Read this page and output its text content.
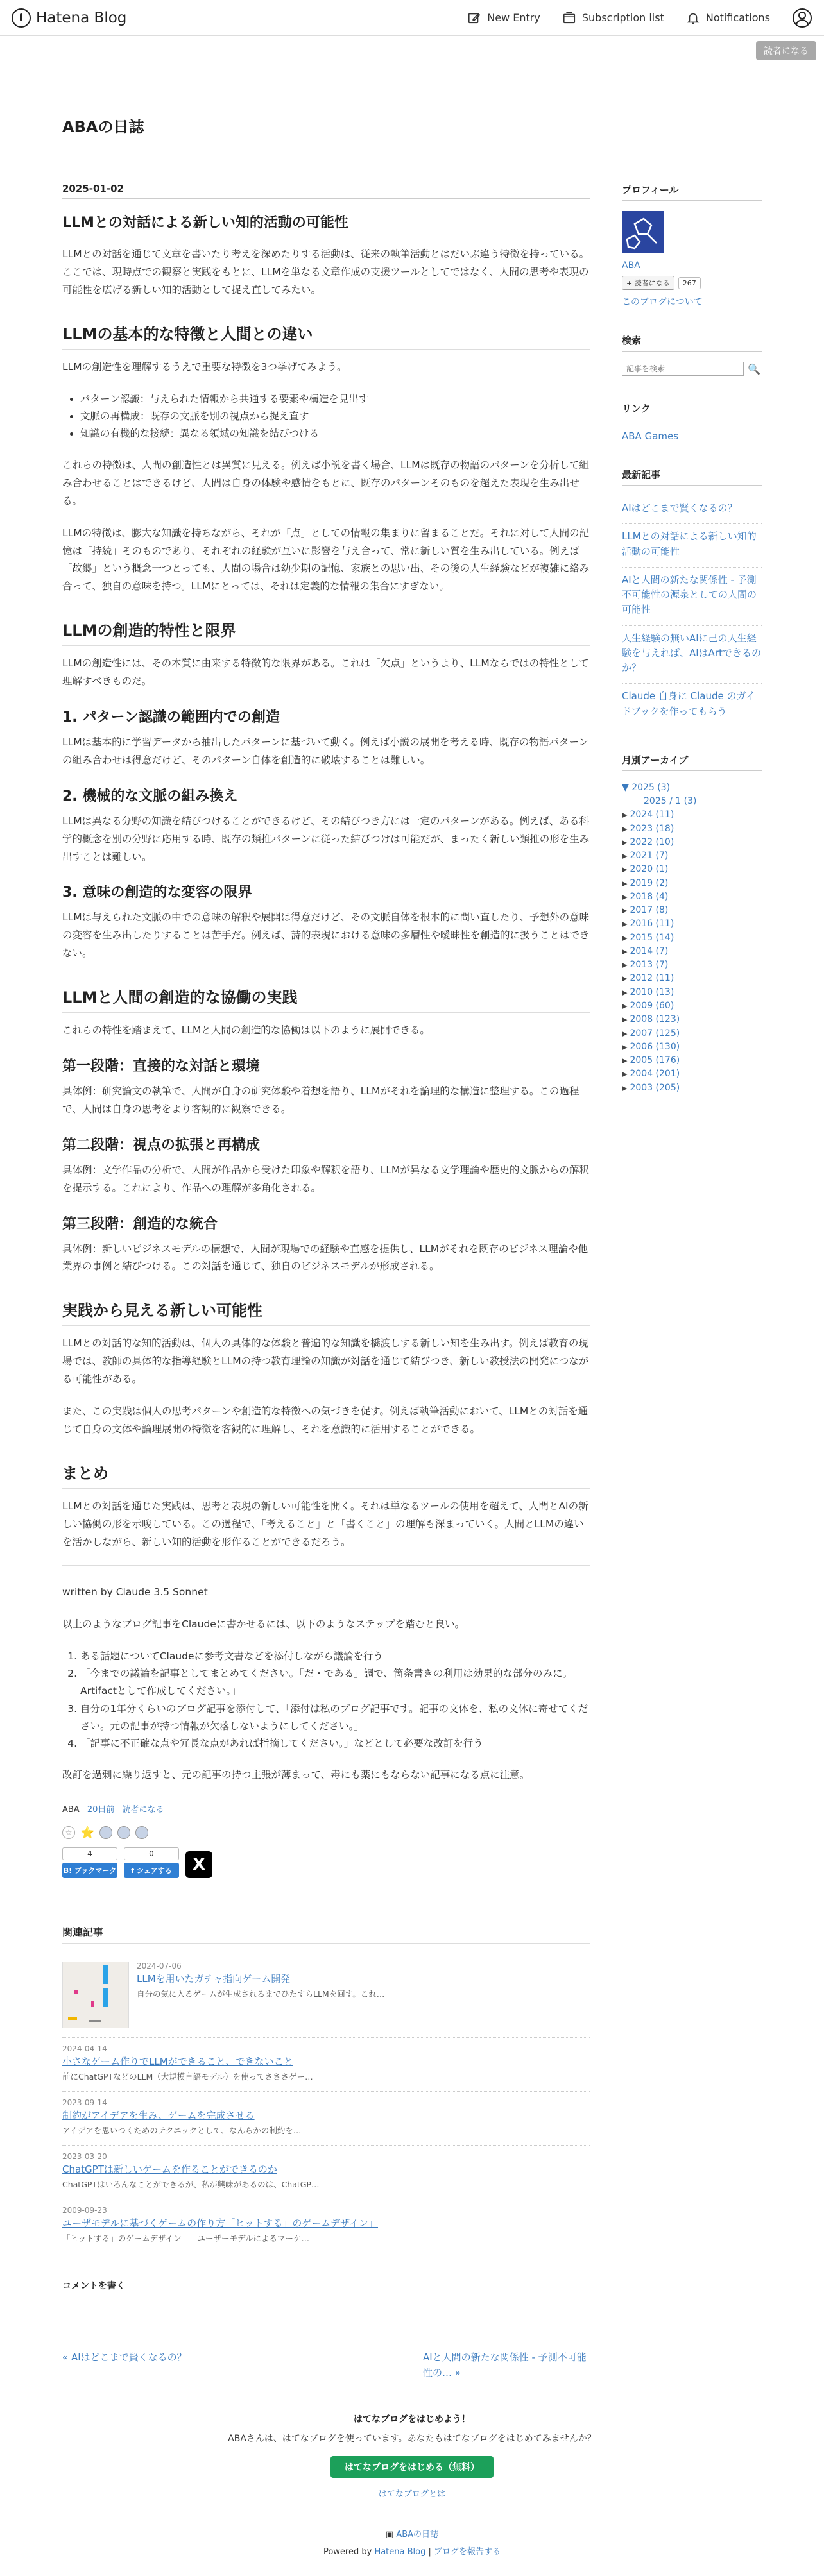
Hatena Blog	New Entry	Subscription list	Notifications
読者になる
ABAの日誌
2025-01-02
LLMとの対話による新しい知的活動の可能性

LLMとの対話を通じて文章を書いたり考えを深めたりする活動は、従来の執筆活動とはだいぶ違う特徴を持っている。ここでは、現時点での観察と実践をもとに、LLMを単なる文章作成の支援ツールとしてではなく、人間の思考や表現の可能性を広げる新しい知的活動として捉え直してみたい。

LLMの基本的な特徴と人間との違い

LLMの創造性を理解するうえで重要な特徴を3つ挙げてみよう。

• パターン認識：与えられた情報から共通する要素や構造を見出す
• 文脈の再構成：既存の文脈を別の視点から捉え直す
• 知識の有機的な接続：異なる領域の知識を結びつける

これらの特徴は、人間の創造性とは異質に見える。例えば小説を書く場合、LLMは既存の物語のパターンを分析して組み合わせることはできるけど、人間は自身の体験や感情をもとに、既存のパターンそのものを超えた表現を生み出せる。

LLMの特徴は、膨大な知識を持ちながら、それが「点」としての情報の集まりに留まることだ。それに対して人間の記憶は「持続」そのものであり、それぞれの経験が互いに影響を与え合って、常に新しい質を生み出している。例えば「故郷」という概念一つとっても、人間の場合は幼少期の記憶、家族との思い出、その後の人生経験などが複雑に絡み合って、独自の意味を持つ。LLMにとっては、それは定義的な情報の集合にすぎない。

LLMの創造的特性と限界

LLMの創造性には、その本質に由来する特徴的な限界がある。これは「欠点」というより、LLMならではの特性として理解すべきものだ。

1. パターン認識の範囲内での創造

LLMは基本的に学習データから抽出したパターンに基づいて動く。例えば小説の展開を考える時、既存の物語パターンの組み合わせは得意だけど、そのパターン自体を創造的に破壊することは難しい。

2. 機械的な文脈の組み換え

LLMは異なる分野の知識を結びつけることができるけど、その結びつき方には一定のパターンがある。例えば、ある科学的概念を別の分野に応用する時、既存の類推パターンに従った結びつけは可能だが、まったく新しい類推の形を生み出すことは難しい。

3. 意味の創造的な変容の限界

LLMは与えられた文脈の中での意味の解釈や展開は得意だけど、その文脈自体を根本的に問い直したり、予想外の意味の変容を生み出したりすることは苦手だ。例えば、詩的表現における意味の多層性や曖昧性を創造的に扱うことはできない。

LLMと人間の創造的な協働の実践

これらの特性を踏まえて、LLMと人間の創造的な協働は以下のように展開できる。

第一段階：直接的な対話と環境

具体例：研究論文の執筆で、人間が自身の研究体験や着想を語り、LLMがそれを論理的な構造に整理する。この過程で、人間は自身の思考をより客観的に観察できる。

第二段階：視点の拡張と再構成

具体例：文学作品の分析で、人間が作品から受けた印象や解釈を語り、LLMが異なる文学理論や歴史的文脈からの解釈を提示する。これにより、作品への理解が多角化される。

第三段階：創造的な統合

具体例：新しいビジネスモデルの構想で、人間が現場での経験や直感を提供し、LLMがそれを既存のビジネス理論や他業界の事例と結びつける。この対話を通じて、独自のビジネスモデルが形成される。

実践から見える新しい可能性

LLMとの対話的な知的活動は、個人の具体的な体験と普遍的な知識を橋渡しする新しい知を生み出す。例えば教育の現場では、教師の具体的な指導経験とLLMの持つ教育理論の知識が対話を通じて結びつき、新しい教授法の開発につながる可能性がある。

また、この実践は個人の思考パターンや創造的な特徴への気づきを促す。例えば執筆活動において、LLMとの対話を通じて自身の文体や論理展開の特徴を客観的に理解し、それを意識的に活用することができる。

まとめ

LLMとの対話を通じた実践は、思考と表現の新しい可能性を開く。それは単なるツールの使用を超えて、人間とAIの新しい協働の形を示唆している。この過程で、「考えること」と「書くこと」の理解も深まっていく。人間とLLMの違いを活かしながら、新しい知的活動を形作ることができるだろう。

written by Claude 3.5 Sonnet

以上のようなブログ記事をClaudeに書かせるには、以下のようなステップを踏むと良い。

1. ある話題についてClaudeに参考文書などを添付しながら議論を行う
2. 「今までの議論を記事としてまとめてください。「だ・である」調で、箇条書きの利用は効果的な部分のみに。Artifactとして作成してください。」
3. 自分の1年分くらいのブログ記事を添付して、「添付は私のブログ記事です。記事の文体を、私の文体に寄せてください。元の記事が持つ情報が欠落しないようにしてください。」
4. 「記事に不正確な点や冗長な点があれば指摘してください。」などとして必要な改訂を行う

改訂を過剰に繰り返すと、元の記事の持つ主張が薄まって、毒にも薬にもならない記事になる点に注意。

ABA 20日前 読者になる
☆ ⭐
4
B! ブックマーク
0
f シェアする	X
関連記事
2024-07-06
LLMを用いたガチャ指向ゲーム開発
自分の気に入るゲームが生成されるまでひたすらLLMを回す。これ…
2024-04-14
小さなゲーム作りでLLMができること、できないこと
前にChatGPTなどのLLM（大規模言語モデル）を使ってさささゲー…
2023-09-14
制約がアイデアを生み、ゲームを完成させる
アイデアを思いつくためのテクニックとして、なんらかの制約を…
2023-03-20
ChatGPTは新しいゲームを作ることができるのか
ChatGPTはいろんなことができるが、私が興味があるのは、ChatGP…
2009-09-23
ユーザモデルに基づくゲームの作り方「ヒットする」のゲームデザイン」
「ヒットする」のゲームデザイン――ユーザーモデルによるマーケ…
コメントを書く
« AIはどこまで賢くなるの？	AIと人間の新たな関係性 - 予測不可能性の… »
プロフィール
ABA
+ 読者になる	267
このブログについて
検索
記事を検索
🔍
リンク
ABA Games
最新記事
AIはどこまで賢くなるの？
LLMとの対話による新しい知的活動の可能性
AIと人間の新たな関係性 - 予測不可能性の源泉としての人間の可能性
人生経験の無いAIに己の人生経験を与えれば、AIはArtできるのか？
Claude 自身に Claude のガイドブックを作ってもらう
月別アーカイブ
▼ 2025 (3)
2025 / 1 (3)
▶ 2024 (11)
▶ 2023 (18)
▶ 2022 (10)
▶ 2021 (7)
▶ 2020 (1)
▶ 2019 (2)
▶ 2018 (4)
▶ 2017 (8)
▶ 2016 (11)
▶ 2015 (14)
▶ 2014 (7)
▶ 2013 (7)
▶ 2012 (11)
▶ 2010 (13)
▶ 2009 (60)
▶ 2008 (123)
▶ 2007 (125)
▶ 2006 (130)
▶ 2005 (176)
▶ 2004 (201)
▶ 2003 (205)
はてなブログをはじめよう！
ABAさんは、はてなブログを使っています。あなたもはてなブログをはじめてみませんか？
はてなブログをはじめる（無料）
はてなブログとは
▣ ABAの日誌
Powered by Hatena Blog | ブログを報告する
